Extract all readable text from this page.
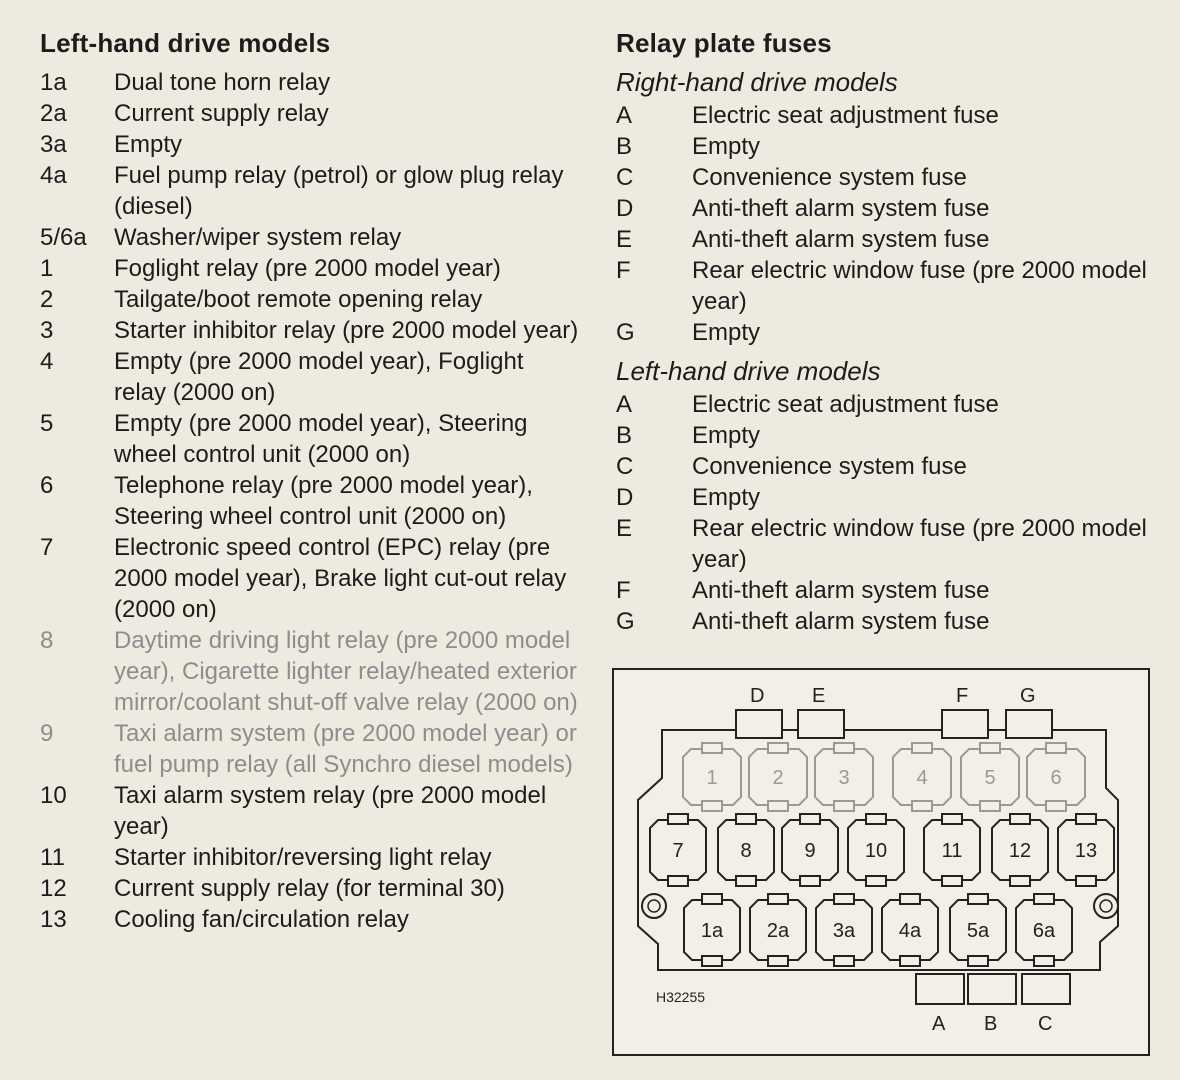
Left-hand drive models
1a	Dual tone horn relay
2a	Current supply relay
3a	Empty
4a	Fuel pump relay (petrol) or glow plug relay (diesel)
5/6a	Washer/wiper system relay
1	Foglight relay (pre 2000 model year)
2	Tailgate/boot remote opening relay
3	Starter inhibitor relay (pre 2000 model year)
4	Empty (pre 2000 model year), Foglight relay (2000 on)
5	Empty (pre 2000 model year), Steering wheel control unit (2000 on)
6	Telephone relay (pre 2000 model year), Steering wheel control unit (2000 on)
7	Electronic speed control (EPC) relay (pre 2000 model year), Brake light cut-out relay (2000 on)
8	Daytime driving light relay (pre 2000 model year), Cigarette lighter relay/heated exterior mirror/coolant shut-off valve relay (2000 on)
9	Taxi alarm system (pre 2000 model year) or fuel pump relay (all Synchro diesel models)
10	Taxi alarm system relay (pre 2000 model year)
11	Starter inhibitor/reversing light relay
12	Current supply relay (for terminal 30)
13	Cooling fan/circulation relay
Relay plate fuses
Right-hand drive models
A	Electric seat adjustment fuse
B	Empty
C	Convenience system fuse
D	Anti-theft alarm system fuse
E	Anti-theft alarm system fuse
F	Rear electric window fuse (pre 2000 model year)
G	Empty
Left-hand drive models
A	Electric seat adjustment fuse
B	Empty
C	Convenience system fuse
D	Empty
E	Rear electric window fuse (pre 2000 model year)
F	Anti-theft alarm system fuse
G	Anti-theft alarm system fuse
D E	F	G
A B C
1	2	3	4	5	6
7	8	9 10	11 12 13
1a 2a 3a 4a 5a 6a
H32255
